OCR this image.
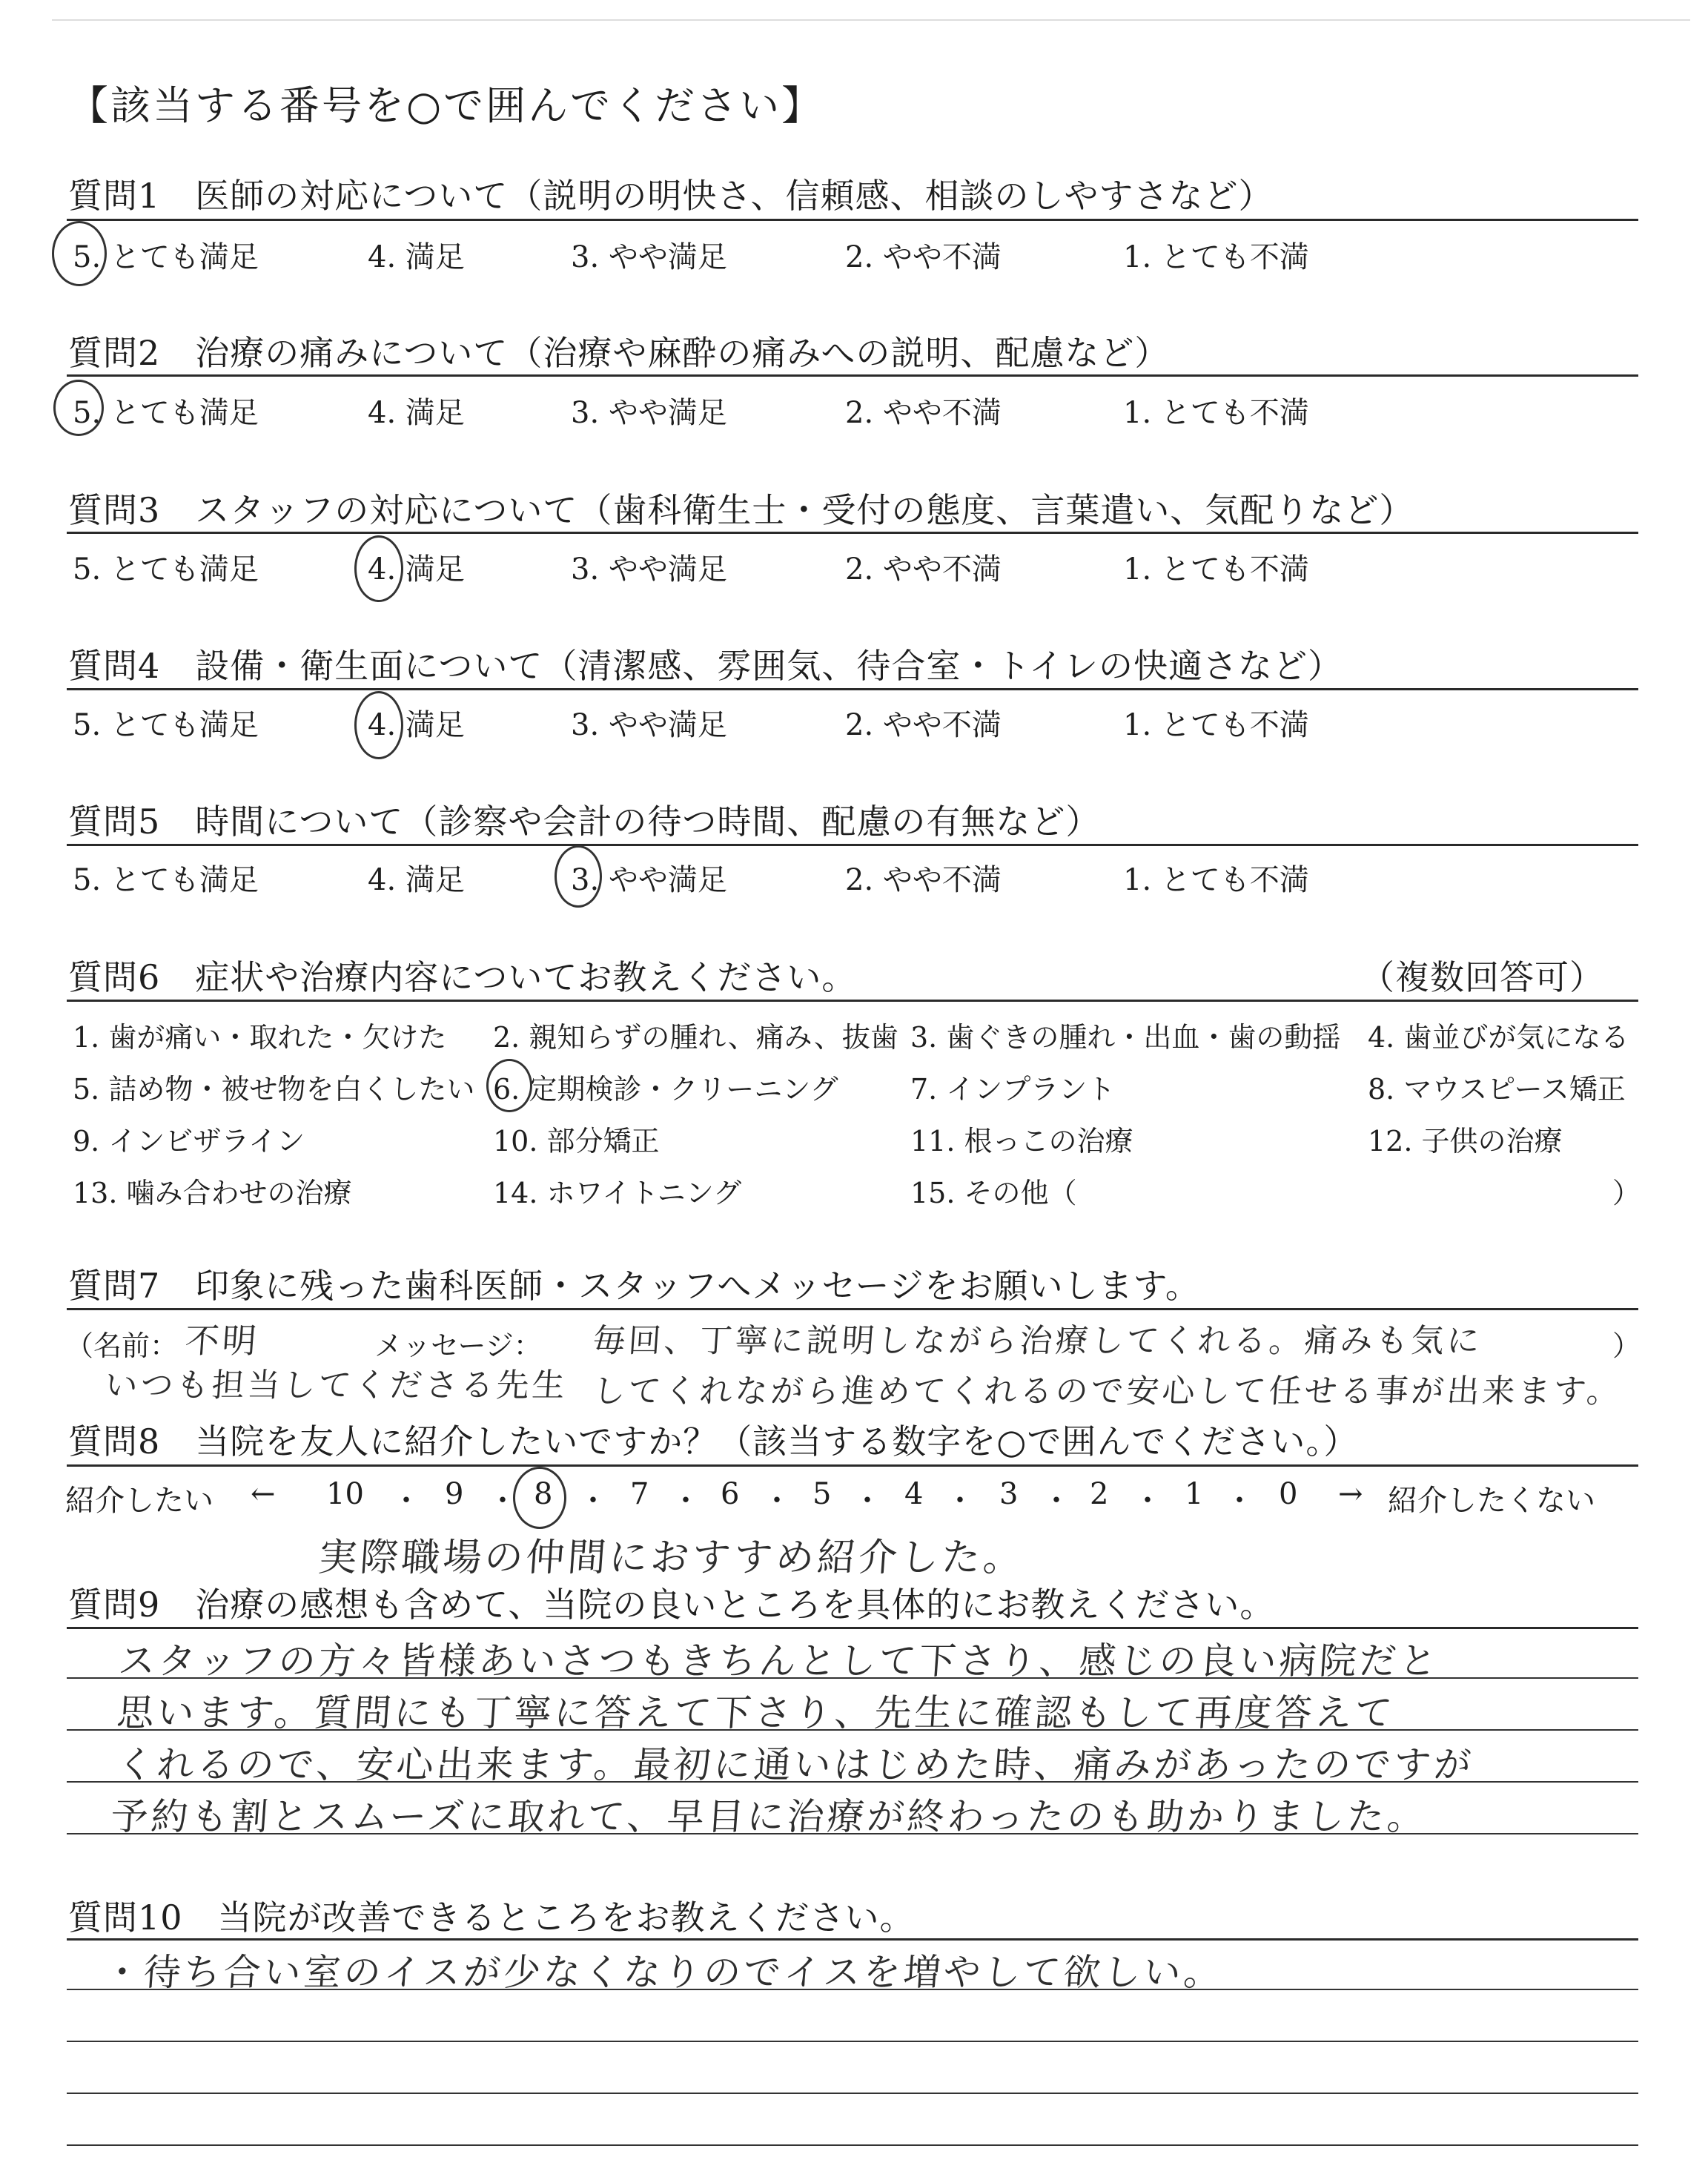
【該当する番号を○で囲んでください】
質問1　医師の対応について（説明の明快さ、信頼感、相談のしやすさなど）
5. とても満足	4. 満足	3. やや満足	2. やや不満	1. とても不満
質問2　治療の痛みについて（治療や麻酔の痛みへの説明、配慮など）
5. とても満足	4. 満足	3. やや満足	2. やや不満	1. とても不満
質問3　スタッフの対応について（歯科衛生士・受付の態度、言葉遣い、気配りなど）
5. とても満足	4. 満足	3. やや満足	2. やや不満	1. とても不満
質問4　設備・衛生面について（清潔感、雰囲気、待合室・トイレの快適さなど）
5. とても満足	4. 満足	3. やや満足	2. やや不満	1. とても不満
質問5　時間について（診察や会計の待つ時間、配慮の有無など）
5. とても満足	4. 満足	3. やや満足	2. やや不満	1. とても不満
質問6　症状や治療内容についてお教えください。	（複数回答可）
1. 歯が痛い・取れた・欠けた 2. 親知らずの腫れ、痛み、抜歯 3. 歯ぐきの腫れ・出血・歯の動揺 4. 歯並びが気になる
5. 詰め物・被せ物を白くしたい 6. 定期検診・クリーニング	7. インプラント	8. マウスピース矯正
9. インビザライン	10. 部分矯正	11. 根っこの治療	12. 子供の治療
13. 噛み合わせの治療	14. ホワイトニング	15. その他（	）
質問7　印象に残った歯科医師・スタッフへメッセージをお願いします。
（名前： 不明
いつも担当してくださる先生
メッセージ： 毎回、丁寧に説明しながら治療してくれる。痛みも気に	）
してくれながら進めてくれるので安心して任せる事が出来ます。
質問8　当院を友人に紹介したいですか？（該当する数字を○で囲んでください。）
紹介したい ← 10 ・ 9 ・ 8 ・ 7 ・ 6 ・ 5 ・ 4 ・ 3 ・ 2 ・ 1 ・ 0 → 紹介したくない
実際職場の仲間におすすめ紹介した。
質問9　治療の感想も含めて、当院の良いところを具体的にお教えください。
スタッフの方々皆様あいさつもきちんとして下さり、感じの良い病院だと
思います。質問にも丁寧に答えて下さり、先生に確認もして再度答えて
くれるので、安心出来ます。最初に通いはじめた時、痛みがあったのですが
予約も割とスムーズに取れて、早目に治療が終わったのも助かりました。
質問10　当院が改善できるところをお教えください。
・待ち合い室のイスが少なくなりのでイスを増やして欲しい。
